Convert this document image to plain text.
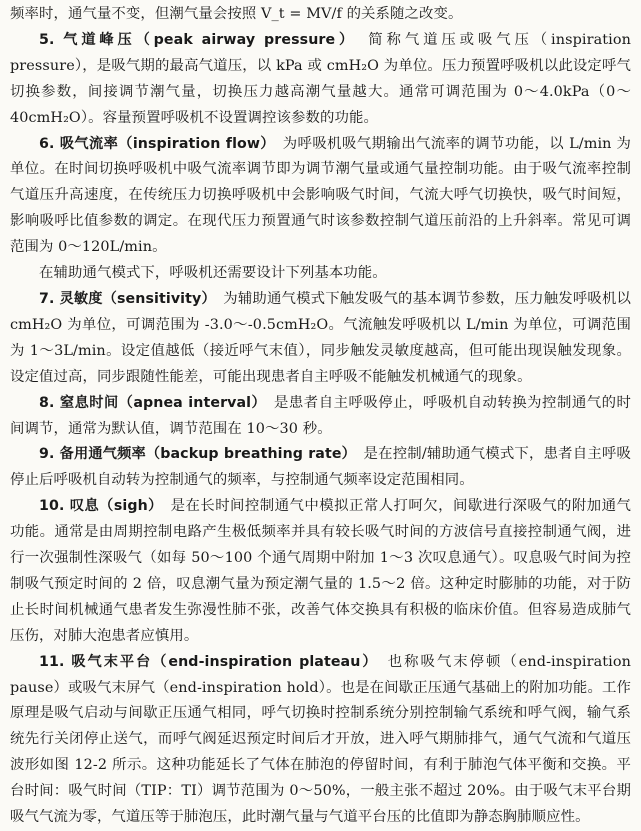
频率时，通气量不变，但潮气量会按照 V_t = MV/f 的关系随之改变。

5. 气道峰压（peak airway pressure）　 简称气道压或吸气压（inspiration pressure），是吸气期的最高气道压，以 kPa 或 cmH₂O 为单位。压力预置呼吸机以此设定呼气切换参数，间接调节潮气量，切换压力越高潮气量越大。通常可调范围为 0～4.0kPa（0～40cmH₂O）。容量预置呼吸机不设置调控该参数的功能。

6. 吸气流率（inspiration flow）　 为呼吸机吸气期输出气流率的调节功能，以 L/min 为单位。在时间切换呼吸机中吸气流率调节即为调节潮气量或通气量控制功能。由于吸气流率控制气道压升高速度，在传统压力切换呼吸机中会影响吸气时间，气流大呼气切换快，吸气时间短，影响吸呼比值参数的调定。在现代压力预置通气时该参数控制气道压前沿的上升斜率。常见可调范围为 0～120L/min。

在辅助通气模式下，呼吸机还需要设计下列基本功能。

7. 灵敏度（sensitivity）　 为辅助通气模式下触发吸气的基本调节参数，压力触发呼吸机以 cmH₂O 为单位，可调范围为 -3.0～-0.5cmH₂O。气流触发呼吸机以 L/min 为单位，可调范围为 1～3L/min。设定值越低（接近呼气末值），同步触发灵敏度越高，但可能出现误触发现象。设定值过高，同步跟随性能差，可能出现患者自主呼吸不能触发机械通气的现象。

8. 窒息时间（apnea interval）　 是患者自主呼吸停止，呼吸机自动转换为控制通气的时间调节，通常为默认值，调节范围在 10～30 秒。

9. 备用通气频率（backup breathing rate）　 是在控制/辅助通气模式下，患者自主呼吸停止后呼吸机自动转为控制通气的频率，与控制通气频率设定范围相同。

10. 叹息（sigh）　 是在长时间控制通气中模拟正常人打呵欠，间歇进行深吸气的附加通气功能。通常是由周期控制电路产生极低频率并具有较长吸气时间的方波信号直接控制通气阀，进行一次强制性深吸气（如每 50～100 个通气周期中附加 1～3 次叹息通气）。叹息吸气时间为控制吸气预定时间的 2 倍，叹息潮气量为预定潮气量的 1.5～2 倍。这种定时膨肺的功能，对于防止长时间机械通气患者发生弥漫性肺不张，改善气体交换具有积极的临床价值。但容易造成肺气压伤，对肺大泡患者应慎用。

11. 吸气末平台（end-inspiration plateau）　 也称吸气末停顿（end-inspiration pause）或吸气末屏气（end-inspiration hold）。也是在间歇正压通气基础上的附加功能。工作原理是吸气启动与间歇正压通气相同，呼气切换时控制系统分别控制输气系统和呼气阀，输气系统先行关闭停止送气，而呼气阀延迟预定时间后才开放，进入呼气期肺排气，通气气流和气道压波形如图 12-2 所示。这种功能延长了气体在肺泡的停留时间，有利于肺泡气体平衡和交换。平台时间：吸气时间（TIP：TI）调节范围为 0～50%，一般主张不超过 20%。由于吸气末平台期吸气气流为零，气道压等于肺泡压，此时潮气量与气道平台压的比值即为静态胸肺顺应性。
